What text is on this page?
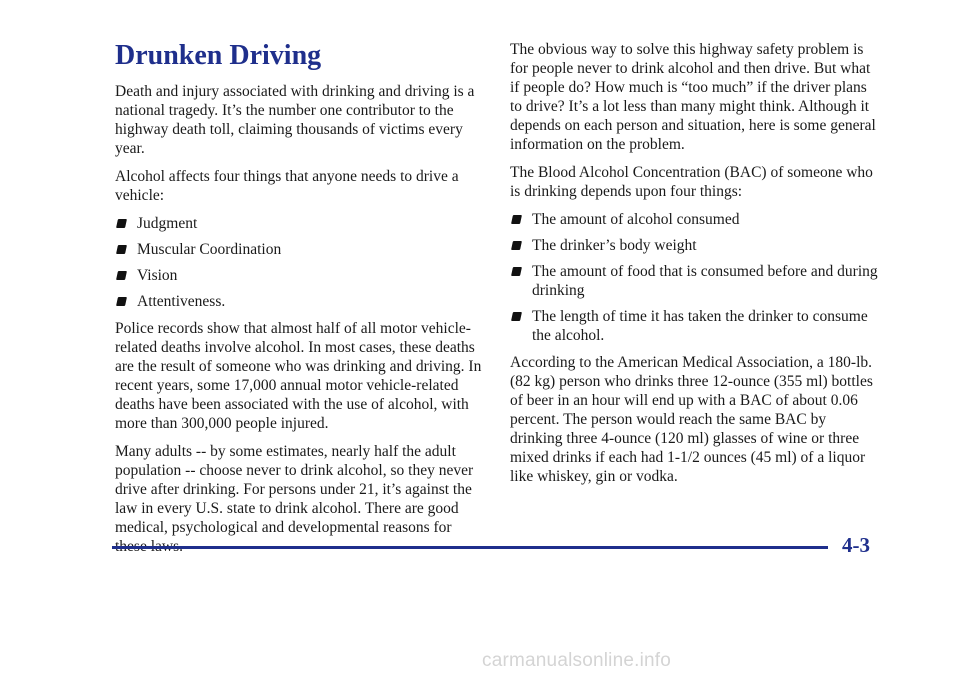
Drunken Driving

Death and injury associated with drinking and driving is a national tragedy. It’s the number one contributor to the highway death toll, claiming thousands of victims every year.

Alcohol affects four things that anyone needs to drive a vehicle:

Judgment
Muscular Coordination
Vision
Attentiveness.

Police records show that almost half of all motor vehicle-related deaths involve alcohol. In most cases, these deaths are the result of someone who was drinking and driving. In recent years, some 17,000 annual motor vehicle-related deaths have been associated with the use of alcohol, with more than 300,000 people injured.

Many adults -- by some estimates, nearly half the adult population -- choose never to drink alcohol, so they never drive after drinking. For persons under 21, it’s against the law in every U.S. state to drink alcohol. There are good medical, psychological and developmental reasons for

The obvious way to solve this highway safety problem is for people never to drink alcohol and then drive. But what if people do? How much is “too much” if the driver plans to drive? It’s a lot less than many might think. Although it depends on each person and situation, here is some general information on the problem.

The Blood Alcohol Concentration (BAC) of someone who is drinking depends upon four things:

The amount of alcohol consumed
The drinker’s body weight
The amount of food that is consumed before and during drinking
The length of time it has taken the drinker to consume the alcohol.

According to the American Medical Association, a 180-lb. (82 kg) person who drinks three 12-ounce (355 ml) bottles of beer in an hour will end up with a BAC of about 0.06 percent. The person would reach the same BAC by drinking three 4-ounce (120 ml) glasses of wine or three mixed drinks if each had 1-1/2 ounces (45 ml) of a liquor like whiskey, gin or vodka.

4-3
carmanualsonline.info
